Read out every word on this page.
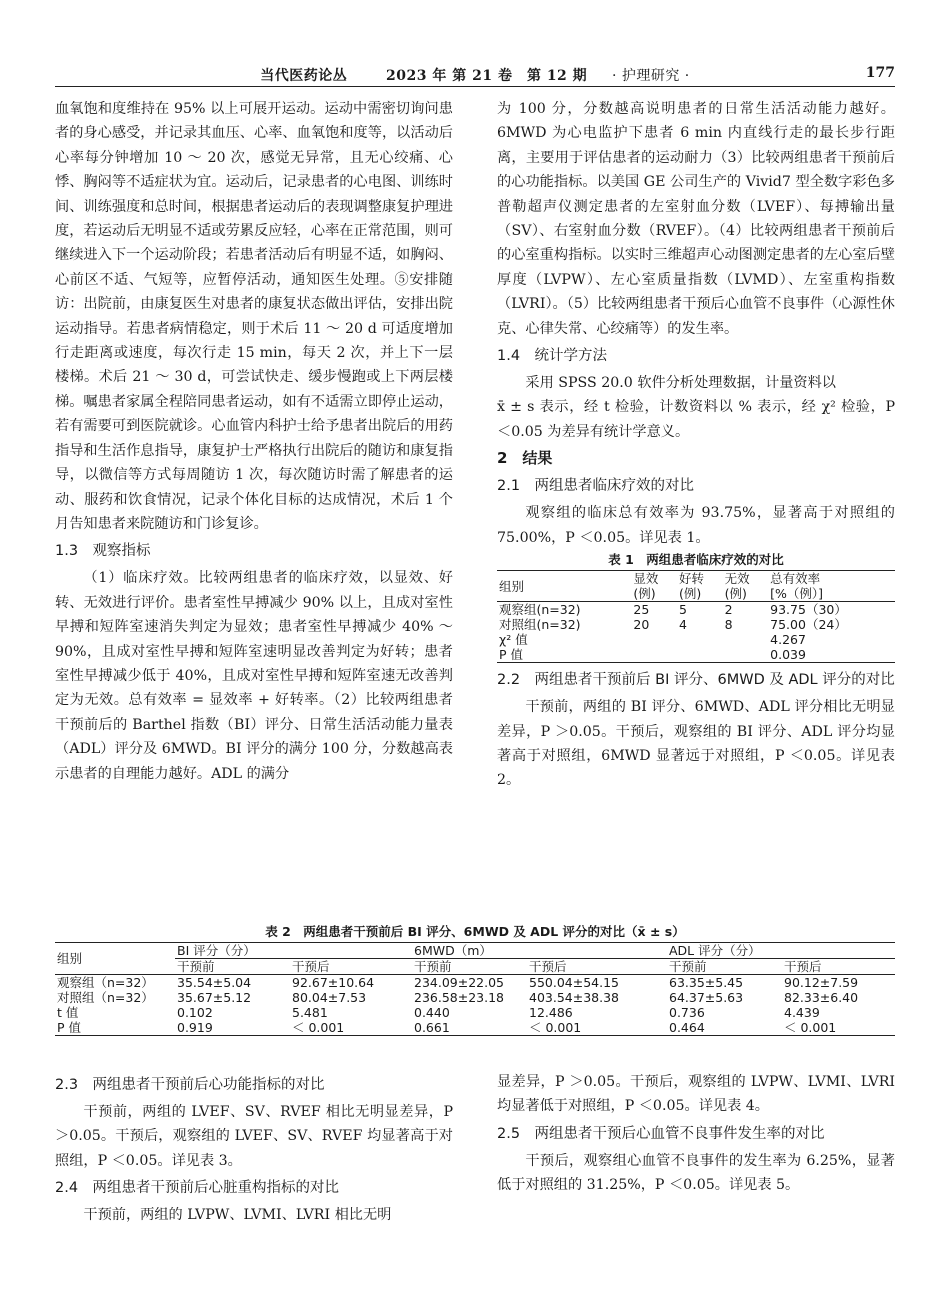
当代医药论丛	2023 年 第 21 卷　第 12 期 · 护理研究 ·	177

血氧饱和度维持在 95% 以上可展开运动。运动中需密切询问患者的身心感受，并记录其血压、心率、血氧饱和度等，以活动后心率每分钟增加 10 ～ 20 次，感觉无异常，且无心绞痛、心悸、胸闷等不适症状为宜。运动后，记录患者的心电图、训练时间、训练强度和总时间，根据患者运动后的表现调整康复护理进度，若运动后无明显不适或劳累反应轻，心率在正常范围，则可继续进入下一个运动阶段；若患者活动后有明显不适，如胸闷、心前区不适、气短等，应暂停活动，通知医生处理。⑤安排随访：出院前，由康复医生对患者的康复状态做出评估，安排出院运动指导。若患者病情稳定，则于术后 11 ～ 20 d 可适度增加行走距离或速度，每次行走 15 min，每天 2 次，并上下一层楼梯。术后 21 ～ 30 d，可尝试快走、缓步慢跑或上下两层楼梯。嘱患者家属全程陪同患者运动，如有不适需立即停止运动，若有需要可到医院就诊。心血管内科护士给予患者出院后的用药指导和生活作息指导，康复护士严格执行出院后的随访和康复指导，以微信等方式每周随访 1 次，每次随访时需了解患者的运动、服药和饮食情况，记录个体化目标的达成情况，术后 1 个月告知患者来院随访和门诊复诊。

1.3　观察指标

（1）临床疗效。比较两组患者的临床疗效，以显效、好转、无效进行评价。患者室性早搏减少 90% 以上，且成对室性早搏和短阵室速消失判定为显效；患者室性早搏减少 40% ～ 90%，且成对室性早搏和短阵室速明显改善判定为好转；患者室性早搏减少低于 40%，且成对室性早搏和短阵室速无改善判定为无效。总有效率 = 显效率 + 好转率。（2）比较两组患者干预前后的 Barthel 指数（BI）评分、日常生活活动能力量表（ADL）评分及 6MWD。BI 评分的满分 100 分，分数越高表示患者的自理能力越好。ADL 的满分

为 100 分，分数越高说明患者的日常生活活动能力越好。6MWD 为心电监护下患者 6 min 内直线行走的最长步行距离，主要用于评估患者的运动耐力（3）比较两组患者干预前后的心功能指标。以美国 GE 公司生产的 Vivid7 型全数字彩色多普勒超声仪测定患者的左室射血分数（LVEF）、每搏输出量（SV）、右室射血分数（RVEF）。（4）比较两组患者干预前后的心室重构指标。以实时三维超声心动图测定患者的左心室后壁厚度（LVPW）、左心室质量指数（LVMD）、左室重构指数（LVRI）。（5）比较两组患者干预后心血管不良事件（心源性休克、心律失常、心绞痛等）的发生率。

1.4　统计学方法

采用 SPSS 20.0 软件分析处理数据，计量资料以

x̄ ± s 表示，经 t 检验，计数资料以 % 表示，经 χ² 检验，P ＜0.05 为差异有统计学意义。

2　结果
2.1　两组患者临床疗效的对比

观察组的临床总有效率为 93.75%，显著高于对照组的 75.00%，P ＜0.05。详见表 1。

表 1　两组患者临床疗效的对比
组别	显效	好转	无效	总有效率
	(例)	(例)	(例)	[%（例）]
观察组(n=32)	25	5	2	93.75（30）
对照组(n=32)	20	4	8	75.00（24）
χ² 值				4.267
P 值				0.039
2.2　两组患者干预前后 BI 评分、6MWD 及 ADL 评分的对比

干预前，两组的 BI 评分、6MWD、ADL 评分相比无明显差异，P ＞0.05。干预后，观察组的 BI 评分、ADL 评分均显著高于对照组，6MWD 显著远于对照组，P ＜0.05。详见表 2。

表 2　两组患者干预前后 BI 评分、6MWD 及 ADL 评分的对比（x̄ ± s）
组别	BI 评分（分）		6MWD（m）		ADL 评分（分）	
	干预前	干预后	干预前	干预后	干预前	干预后
观察组（n=32）	35.54±5.04	92.67±10.64	234.09±22.05	550.04±54.15	63.35±5.45	90.12±7.59
对照组（n=32）	35.67±5.12	80.04±7.53	236.58±23.18	403.54±38.38	64.37±5.63	82.33±6.40
t 值	0.102	5.481	0.440	12.486	0.736	4.439
P 值	0.919	＜ 0.001	0.661	＜ 0.001	0.464	＜ 0.001
2.3　两组患者干预前后心功能指标的对比

干预前，两组的 LVEF、SV、RVEF 相比无明显差异，P ＞0.05。干预后，观察组的 LVEF、SV、RVEF 均显著高于对照组，P ＜0.05。详见表 3。

2.4　两组患者干预前后心脏重构指标的对比

干预前，两组的 LVPW、LVMI、LVRI 相比无明

显差异，P ＞0.05。干预后，观察组的 LVPW、LVMI、LVRI 均显著低于对照组，P ＜0.05。详见表 4。

2.5　两组患者干预后心血管不良事件发生率的对比

干预后，观察组心血管不良事件的发生率为 6.25%，显著低于对照组的 31.25%，P ＜0.05。详见表 5。
